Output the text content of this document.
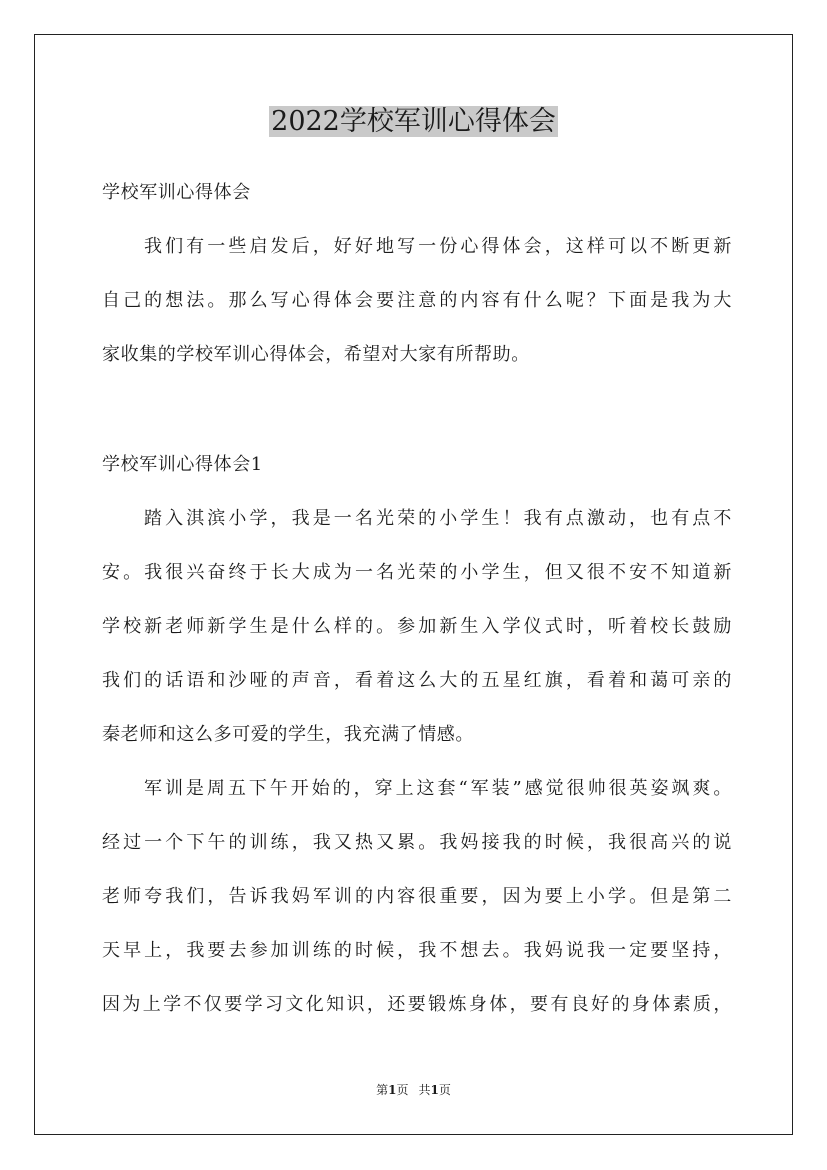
2022学校军训心得体会

学校军训心得体会

我们有一些启发后，好好地写一份心得体会，这样可以不断更新

自己的想法。那么写心得体会要注意的内容有什么呢？下面是我为大

家收集的学校军训心得体会，希望对大家有所帮助。

学校军训心得体会1

踏入淇滨小学，我是一名光荣的小学生！我有点激动，也有点不

安。我很兴奋终于长大成为一名光荣的小学生，但又很不安不知道新

学校新老师新学生是什么样的。参加新生入学仪式时，听着校长鼓励

我们的话语和沙哑的声音，看着这么大的五星红旗，看着和蔼可亲的

秦老师和这么多可爱的学生，我充满了情感。

军训是周五下午开始的，穿上这套“军装”感觉很帅很英姿飒爽。

经过一个下午的训练，我又热又累。我妈接我的时候，我很高兴的说

老师夸我们，告诉我妈军训的内容很重要，因为要上小学。但是第二

天早上，我要去参加训练的时候，我不想去。我妈说我一定要坚持，

因为上学不仅要学习文化知识，还要锻炼身体，要有良好的身体素质，

第1页 共1页
